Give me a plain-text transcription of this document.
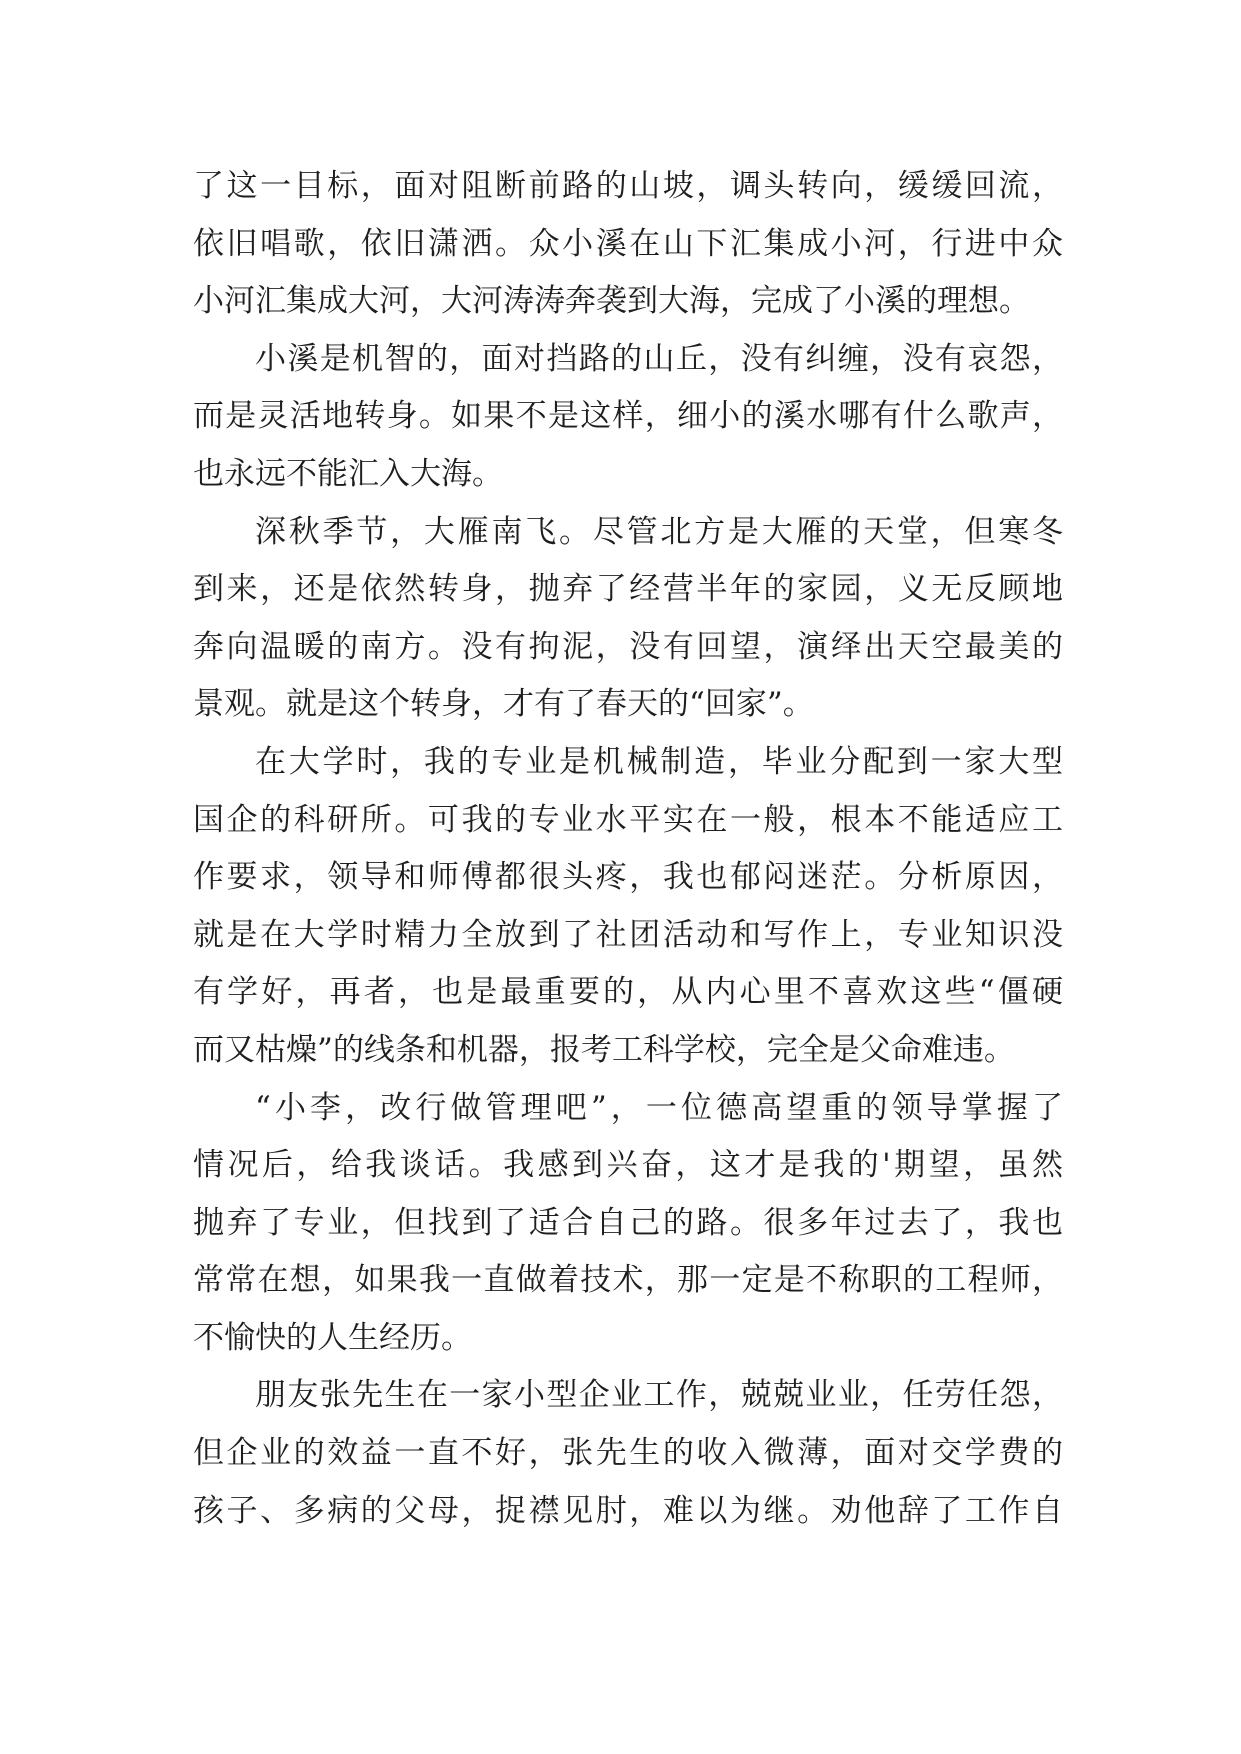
了这一目标，面对阻断前路的山坡，调头转向，缓缓回流，
依旧唱歌，依旧潇洒。众小溪在山下汇集成小河，行进中众
小河汇集成大河，大河涛涛奔袭到大海，完成了小溪的理想。
小溪是机智的，面对挡路的山丘，没有纠缠，没有哀怨，
而是灵活地转身。如果不是这样，细小的溪水哪有什么歌声，
也永远不能汇入大海。
深秋季节，大雁南飞。尽管北方是大雁的天堂，但寒冬
到来，还是依然转身，抛弃了经营半年的家园，义无反顾地
奔向温暖的南方。没有拘泥，没有回望，演绎出天空最美的
景观。就是这个转身，才有了春天的“回家”。
在大学时，我的专业是机械制造，毕业分配到一家大型
国企的科研所。可我的专业水平实在一般，根本不能适应工
作要求，领导和师傅都很头疼，我也郁闷迷茫。分析原因，
就是在大学时精力全放到了社团活动和写作上，专业知识没
有学好，再者，也是最重要的，从内心里不喜欢这些“僵硬
而又枯燥”的线条和机器，报考工科学校，完全是父命难违。
“小李，改行做管理吧”，一位德高望重的领导掌握了
情况后，给我谈话。我感到兴奋，这才是我的'期望，虽然
抛弃了专业，但找到了适合自己的路。很多年过去了，我也
常常在想，如果我一直做着技术，那一定是不称职的工程师，
不愉快的人生经历。
朋友张先生在一家小型企业工作，兢兢业业，任劳任怨，
但企业的效益一直不好，张先生的收入微薄，面对交学费的
孩子、多病的父母，捉襟见肘，难以为继。劝他辞了工作自
